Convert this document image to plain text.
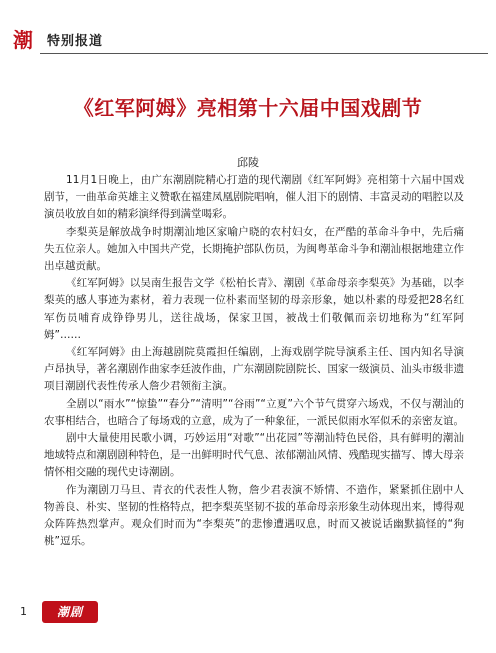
潮 特别报道
《红军阿姆》亮相第十六届中国戏剧节
邱陵

11月1日晚上，由广东潮剧院精心打造的现代潮剧《红军阿姆》亮相第十六届中国戏剧节，一曲革命英雄主义赞歌在福建凤凰剧院唱响，催人泪下的剧情、丰富灵动的唱腔以及演员收放自如的精彩演绎得到满堂喝彩。

李梨英是解放战争时期潮汕地区家喻户晓的农村妇女，在严酷的革命斗争中，先后痛失五位亲人。她加入中国共产党，长期掩护部队伤员，为闽粤革命斗争和潮汕根据地建立作出卓越贡献。

《红军阿姆》以吴南生报告文学《松柏长青》、潮剧《革命母亲李梨英》为基础，以李梨英的感人事迹为素材，着力表现一位朴素而坚韧的母亲形象，她以朴素的母爱把28名红军伤员哺育成铮铮男儿，送往战场，保家卫国，被战士们敬佩而亲切地称为“红军阿姆”……

《红军阿姆》由上海越剧院莫霞担任编剧，上海戏剧学院导演系主任、国内知名导演卢昂执导，著名潮剧作曲家李廷波作曲，广东潮剧院剧院长、国家一级演员、汕头市级非遗项目潮剧代表性传承人詹少君领衔主演。

全剧以“雨水”“惊蛰”“春分”“清明”“谷雨”“立夏”六个节气贯穿六场戏，不仅与潮汕的农事相结合，也暗合了每场戏的立意，成为了一种象征，一派民似雨水军似禾的亲密友谊。

剧中大量使用民歌小调，巧妙运用“对歌”“出花园”等潮汕特色民俗，具有鲜明的潮汕地域特点和潮剧剧种特色，是一出鲜明时代气息、浓郁潮汕风情、残酷现实描写、博大母亲情怀相交融的现代史诗潮剧。

作为潮剧刀马旦、青衣的代表性人物，詹少君表演不矫情、不造作，紧紧抓住剧中人物善良、朴实、坚韧的性格特点，把李梨英坚韧不拔的革命母亲形象生动体现出来，博得观众阵阵热烈掌声。观众们时而为“李梨英”的悲惨遭遇叹息，时而又被说话幽默搞怪的“狗桃”逗乐。

1	潮剧
